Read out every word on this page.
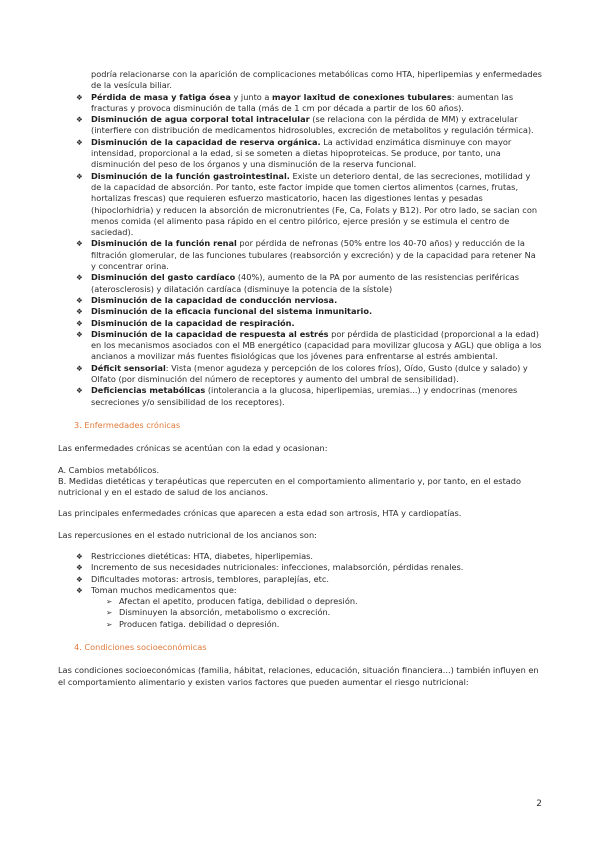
podría relacionarse con la aparición de complicaciones metabólicas como HTA, hiperlipemias y enfermedades de la vesícula biliar.
❖ Pérdida de masa y fatiga ósea y junto a mayor laxitud de conexiones tubulares: aumentan las fracturas y provoca disminución de talla (más de 1 cm por década a partir de los 60 años).
❖ Disminución de agua corporal total intracelular (se relaciona con la pérdida de MM) y extracelular (interfiere con distribución de medicamentos hidrosolubles, excreción de metabolitos y regulación térmica).
❖ Disminución de la capacidad de reserva orgánica. La actividad enzimática disminuye con mayor intensidad, proporcional a la edad, si se someten a dietas hipoproteicas. Se produce, por tanto, una disminución del peso de los órganos y una disminución de la reserva funcional.
❖ Disminución de la función gastrointestinal. Existe un deterioro dental, de las secreciones, motilidad y de la capacidad de absorción. Por tanto, este factor impide que tomen ciertos alimentos (carnes, frutas, hortalizas frescas) que requieren esfuerzo masticatorio, hacen las digestiones lentas y pesadas (hipoclorhidria) y reducen la absorción de micronutrientes (Fe, Ca, Folats y B12). Por otro lado, se sacian con menos comida (el alimento pasa rápido en el centro pilórico, ejerce presión y se estimula el centro de saciedad).
❖ Disminución de la función renal por pérdida de nefronas (50% entre los 40-70 años) y reducción de la filtración glomerular, de las funciones tubulares (reabsorción y excreción) y de la capacidad para retener Na y concentrar orina.
❖ Disminución del gasto cardíaco (40%), aumento de la PA por aumento de las resistencias periféricas (aterosclerosis) y dilatación cardíaca (disminuye la potencia de la sístole)
❖ Disminución de la capacidad de conducción nerviosa.
❖ Disminución de la eficacia funcional del sistema inmunitario.
❖ Disminución de la capacidad de respiración.
❖ Disminución de la capacidad de respuesta al estrés por pérdida de plasticidad (proporcional a la edad) en los mecanismos asociados con el MB energético (capacidad para movilizar glucosa y AGL) que obliga a los ancianos a movilizar más fuentes fisiológicas que los jóvenes para enfrentarse al estrés ambiental.
❖ Déficit sensorial: Vista (menor agudeza y percepción de los colores fríos), Oído, Gusto (dulce y salado) y Olfato (por disminución del número de receptores y aumento del umbral de sensibilidad).
❖ Deficiencias metabólicas (intolerancia a la glucosa, hiperlipemias, uremias...) y endocrinas (menores secreciones y/o sensibilidad de los receptores).
3. Enfermedades crónicas

Las enfermedades crónicas se acentúan con la edad y ocasionan:

A. Cambios metabólicos.

B. Medidas dietéticas y terapéuticas que repercuten en el comportamiento alimentario y, por tanto, en el estado nutricional y en el estado de salud de los ancianos.

Las principales enfermedades crónicas que aparecen a esta edad son artrosis, HTA y cardiopatías.

Las repercusiones en el estado nutricional de los ancianos son:

❖ Restricciones dietéticas: HTA, diabetes, hiperlipemias.
❖ Incremento de sus necesidades nutricionales: infecciones, malabsorción, pérdidas renales.
❖ Dificultades motoras: artrosis, temblores, paraplejías, etc.
❖ Toman muchos medicamentos que:
➢ Afectan el apetito, producen fatiga, debilidad o depresión.
➢ Disminuyen la absorción, metabolismo o excreción.
➢ Producen fatiga. debilidad o depresión.
4. Condiciones socioeconómicas

Las condiciones socioeconómicas (familia, hábitat, relaciones, educación, situación financiera...) también influyen en el comportamiento alimentario y existen varios factores que pueden aumentar el riesgo nutricional:

2
